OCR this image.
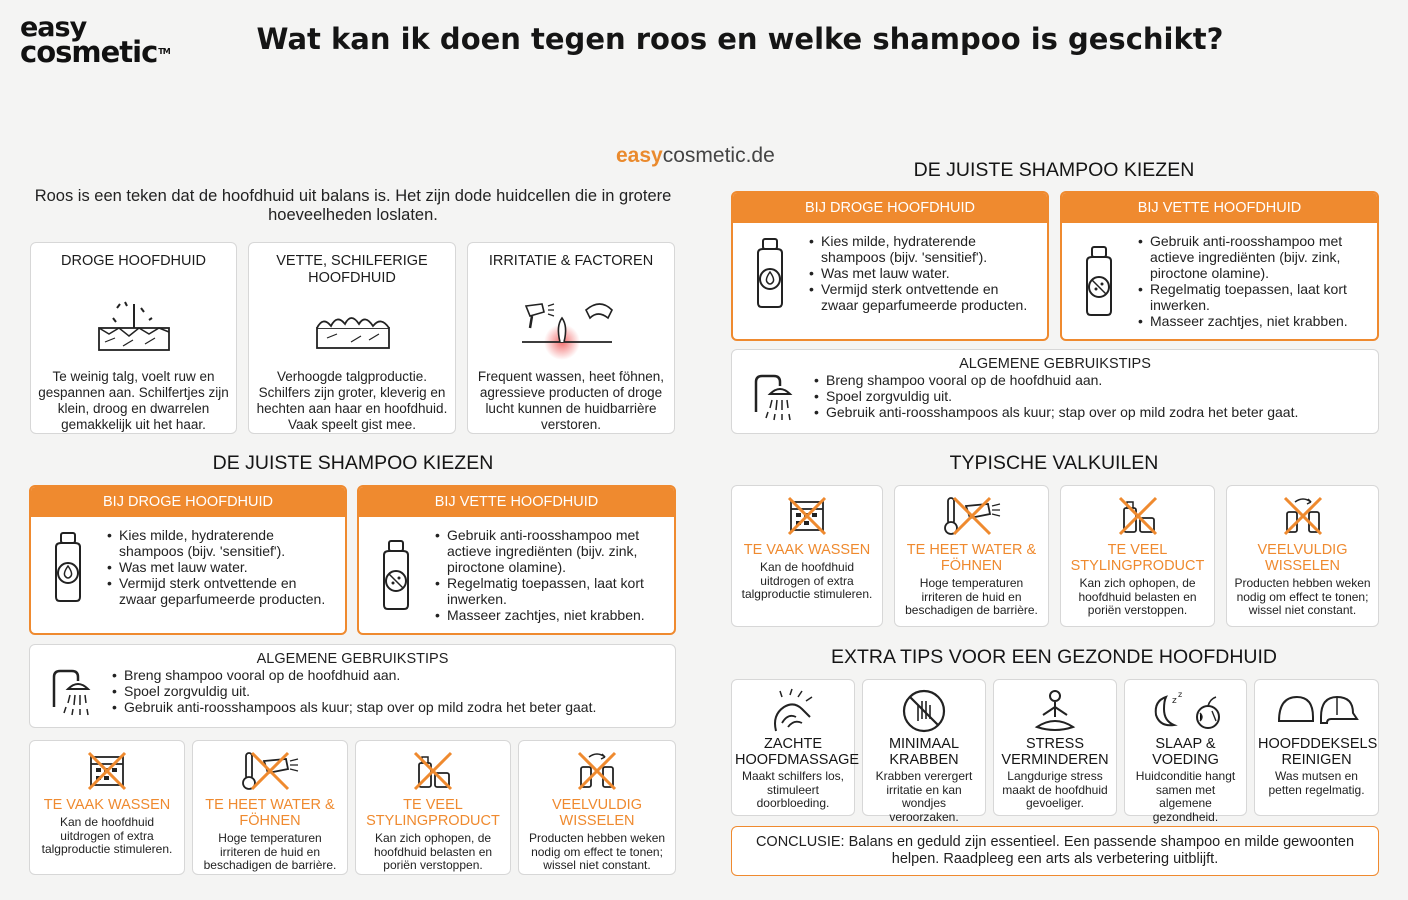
easy
cosmetic™	Wat kan ik doen tegen roos en welke shampoo is geschikt?
easycosmetic.de
Roos is een teken dat de hoofdhuid uit balans is. Het zijn dode huidcellen die in grotere hoeveelheden loslaten.
DROGE HOOFDHUID

Te weinig talg, voelt ruw en gespannen aan. Schilfertjes zijn klein, droog en dwarrelen gemakkelijk uit het haar.

VETTE, SCHILFERIGE HOOFDHUID

Verhoogde talgproductie. Schilfers zijn groter, kleverig en hechten aan haar en hoofdhuid. Vaak speelt gist mee.

IRRITATIE & FACTOREN

Frequent wassen, heet föhnen, agressieve producten of droge lucht kunnen de huidbarrière verstoren.

DE JUISTE SHAMPOO KIEZEN
BIJ DROGE HOOFDHUID
• Kies milde, hydraterende shampoos (bijv. 'sensitief').
• Was met lauw water.
• Vermijd sterk ontvettende en zwaar geparfumeerde producten.
BIJ VETTE HOOFDHUID
• Gebruik anti-roosshampoo met actieve ingrediënten (bijv. zink, piroctone olamine).
• Regelmatig toepassen, laat kort inwerken.
• Masseer zachtjes, niet krabben.
ALGEMENE GEBRUIKSTIPS
• Breng shampoo vooral op de hoofdhuid aan.
• Spoel zorgvuldig uit.
• Gebruik anti-roosshampoos als kuur; stap over op mild zodra het beter gaat.
TE VAAK WASSEN

Kan de hoofdhuid uitdrogen of extra talgproductie stimuleren.

TE HEET WATER & FÖHNEN

Hoge temperaturen irriteren de huid en beschadigen de barrière.

TE VEEL STYLINGPRODUCT

Kan zich ophopen, de hoofdhuid belasten en poriën verstoppen.

VEELVULDIG WISSELEN

Producten hebben weken nodig om effect te tonen; wissel niet constant.

DE JUISTE SHAMPOO KIEZEN
BIJ DROGE HOOFDHUID
• Kies milde, hydraterende shampoos (bijv. 'sensitief').
• Was met lauw water.
• Vermijd sterk ontvettende en zwaar geparfumeerde producten.
BIJ VETTE HOOFDHUID
• Gebruik anti-roosshampoo met actieve ingrediënten (bijv. zink, piroctone olamine).
• Regelmatig toepassen, laat kort inwerken.
• Masseer zachtjes, niet krabben.
ALGEMENE GEBRUIKSTIPS
• Breng shampoo vooral op de hoofdhuid aan.
• Spoel zorgvuldig uit.
• Gebruik anti-roosshampoos als kuur; stap over op mild zodra het beter gaat.
TYPISCHE VALKUILEN
TE VAAK WASSEN

Kan de hoofdhuid uitdrogen of extra talgproductie stimuleren.

TE HEET WATER & FÖHNEN

Hoge temperaturen irriteren de huid en beschadigen de barrière.

TE VEEL STYLINGPRODUCT

Kan zich ophopen, de hoofdhuid belasten en poriën verstoppen.

VEELVULDIG WISSELEN

Producten hebben weken nodig om effect te tonen; wissel niet constant.

EXTRA TIPS VOOR EEN GEZONDE HOOFDHUID
ZACHTE HOOFDMASSAGE

Maakt schilfers los, stimuleert doorbloeding.

MINIMAAL KRABBEN

Krabben verergert irritatie en kan wondjes veroorzaken.

STRESS VERMINDEREN

Langdurige stress maakt de hoofdhuid gevoeliger.

z
z
SLAAP & VOEDING

Huidconditie hangt samen met algemene gezondheid.

HOOFDDEKSELS REINIGEN

Was mutsen en petten regelmatig.

CONCLUSIE: Balans en geduld zijn essentieel. Een passende shampoo en milde gewoonten helpen. Raadpleeg een arts als verbetering uitblijft.
